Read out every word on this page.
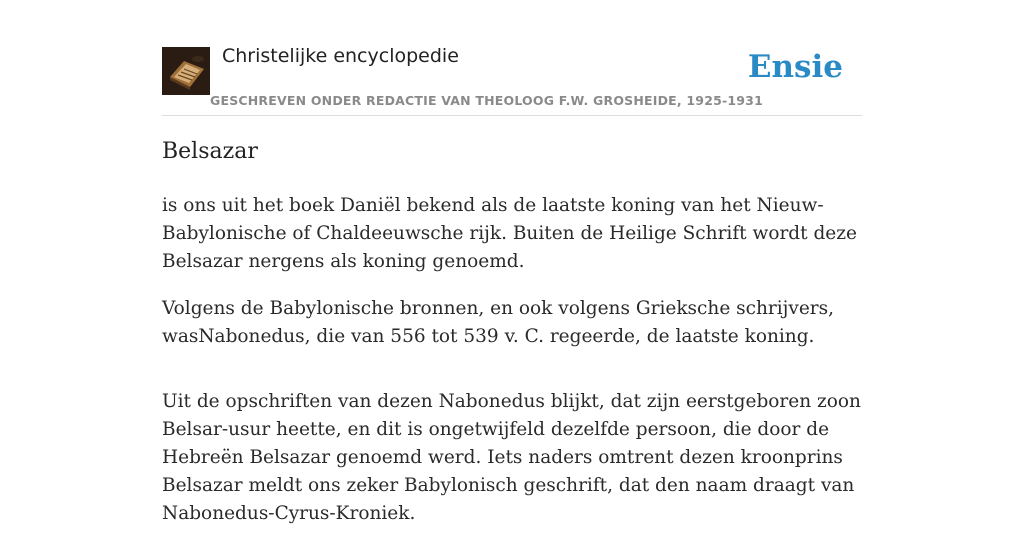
Christelijke encyclopedie
GESCHREVEN ONDER REDACTIE VAN THEOLOOG F.W. GROSHEIDE, 1925-1931
Ensie
Belsazar

is ons uit het boek Daniël bekend als de laatste koning van het Nieuw-Babylonische of Chaldeeuwsche rijk. Buiten de Heilige Schrift wordt deze Belsazar nergens als koning genoemd.

Volgens de Babylonische bronnen, en ook volgens Grieksche schrijvers, wasNabonedus, die van 556 tot 539 v. C. regeerde, de laatste koning.

Uit de opschriften van dezen Nabonedus blijkt, dat zijn eerstgeboren zoon Belsar-usur heette, en dit is ongetwijfeld dezelfde persoon, die door de Hebreën Belsazar genoemd werd. Iets naders omtrent dezen kroonprins Belsazar meldt ons zeker Babylonisch geschrift, dat den naam draagt van Nabonedus-Cyrus-Kroniek.
